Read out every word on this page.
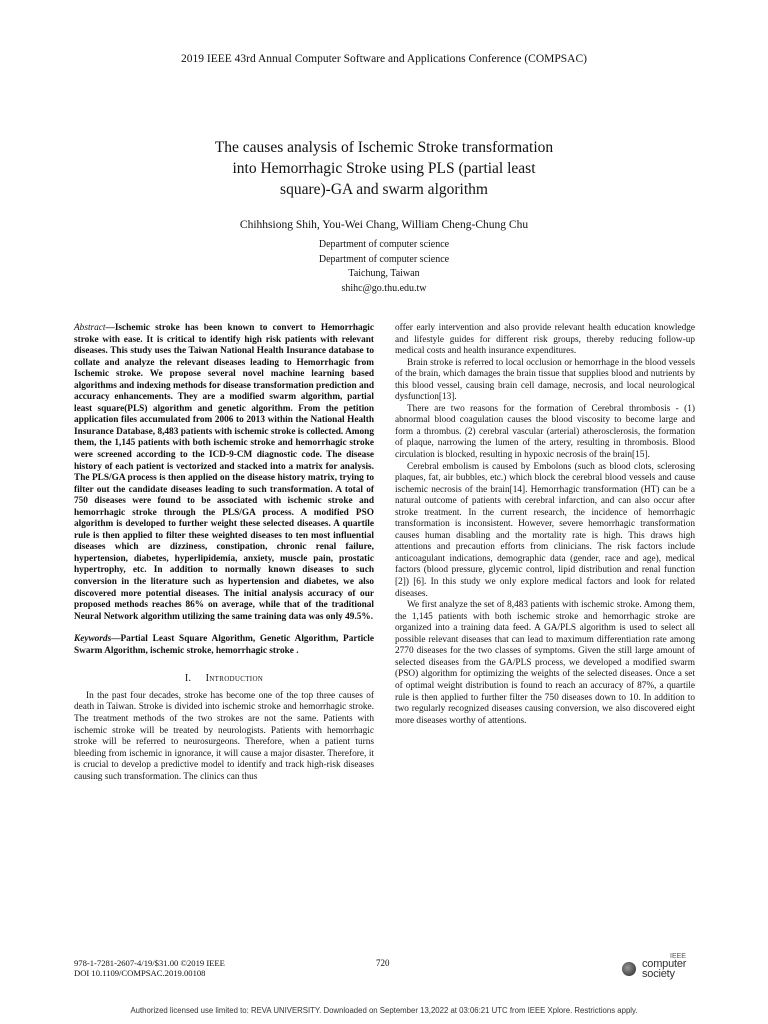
2019 IEEE 43rd Annual Computer Software and Applications Conference (COMPSAC)
The causes analysis of Ischemic Stroke transformation
into Hemorrhagic Stroke using PLS (partial least
square)-GA and swarm algorithm
Chihhsiong Shih, You-Wei Chang, William Cheng-Chung Chu
Department of computer science
Department of computer science
Taichung, Taiwan
shihc@go.thu.edu.tw

Abstract—Ischemic stroke has been known to convert to Hemorrhagic stroke with ease. It is critical to identify high risk patients with relevant diseases. This study uses the Taiwan National Health Insurance database to collate and analyze the relevant diseases leading to Hemorrhagic from Ischemic stroke. We propose several novel machine learning based algorithms and indexing methods for disease transformation prediction and accuracy enhancements. They are a modified swarm algorithm, partial least square(PLS) algorithm and genetic algorithm. From the petition application files accumulated from 2006 to 2013 within the National Health Insurance Database, 8,483 patients with ischemic stroke is collected. Among them, the 1,145 patients with both ischemic stroke and hemorrhagic stroke were screened according to the ICD-9-CM diagnostic code. The disease history of each patient is vectorized and stacked into a matrix for analysis. The PLS/GA process is then applied on the disease history matrix, trying to filter out the candidate diseases leading to such transformation. A total of 750 diseases were found to be associated with ischemic stroke and hemorrhagic stroke through the PLS/GA process. A modified PSO algorithm is developed to further weight these selected diseases. A quartile rule is then applied to filter these weighted diseases to ten most influential diseases which are dizziness, constipation, chronic renal failure, hypertension, diabetes, hyperlipidemia, anxiety, muscle pain, prostatic hypertrophy, etc. In addition to normally known diseases to such conversion in the literature such as hypertension and diabetes, we also discovered more potential diseases. The initial analysis accuracy of our proposed methods reaches 86% on average, while that of the traditional Neural Network algorithm utilizing the same training data was only 49.5%.

Keywords—Partial Least Square Algorithm, Genetic Algorithm, Particle Swarm Algorithm, ischemic stroke, hemorrhagic stroke .

I. Introduction

In the past four decades, stroke has become one of the top three causes of death in Taiwan. Stroke is divided into ischemic stroke and hemorrhagic stroke. The treatment methods of the two strokes are not the same. Patients with ischemic stroke will be treated by neurologists. Patients with hemorrhagic stroke will be referred to neurosurgeons. Therefore, when a patient turns bleeding from ischemic in ignorance, it will cause a major disaster. Therefore, it is crucial to develop a predictive model to identify and track high-risk diseases causing such transformation. The clinics can thus

offer early intervention and also provide relevant health education knowledge and lifestyle guides for different risk groups, thereby reducing follow-up medical costs and health insurance expenditures.

Brain stroke is referred to local occlusion or hemorrhage in the blood vessels of the brain, which damages the brain tissue that supplies blood and nutrients by this blood vessel, causing brain cell damage, necrosis, and local neurological dysfunction[13].

There are two reasons for the formation of Cerebral thrombosis - (1) abnormal blood coagulation causes the blood viscosity to become large and form a thrombus. (2) cerebral vascular (arterial) atherosclerosis, the formation of plaque, narrowing the lumen of the artery, resulting in thrombosis. Blood circulation is blocked, resulting in hypoxic necrosis of the brain[15].

Cerebral embolism is caused by Embolons (such as blood clots, sclerosing plaques, fat, air bubbles, etc.) which block the cerebral blood vessels and cause ischemic necrosis of the brain[14]. Hemorrhagic transformation (HT) can be a natural outcome of patients with cerebral infarction, and can also occur after stroke treatment. In the current research, the incidence of hemorrhagic transformation is inconsistent. However, severe hemorrhagic transformation causes human disabling and the mortality rate is high. This draws high attentions and precaution efforts from clinicians. The risk factors include anticoagulant indications, demographic data (gender, race and age), medical factors (blood pressure, glycemic control, lipid distribution and renal function [2]) [6]. In this study we only explore medical factors and look for related diseases.

We first analyze the set of 8,483 patients with ischemic stroke. Among them, the 1,145 patients with both ischemic stroke and hemorrhagic stroke are organized into a training data feed. A GA/PLS algorithm is used to select all possible relevant diseases that can lead to maximum differentiation rate among 2770 diseases for the two classes of symptoms. Given the still large amount of selected diseases from the GA/PLS process, we developed a modified swarm (PSO) algorithm for optimizing the weights of the selected diseases. Once a set of optimal weight distribution is found to reach an accuracy of 87%, a quartile rule is then applied to further filter the 750 diseases down to 10. In addition to two regularly recognized diseases causing conversion, we also discovered eight more diseases worthy of attentions.

978-1-7281-2607-4/19/$31.00 ©2019 IEEE
DOI 10.1109/COMPSAC.2019.00108
720
IEEE
computer
society
Authorized licensed use limited to: REVA UNIVERSITY. Downloaded on September 13,2022 at 03:06:21 UTC from IEEE Xplore. Restrictions apply.
